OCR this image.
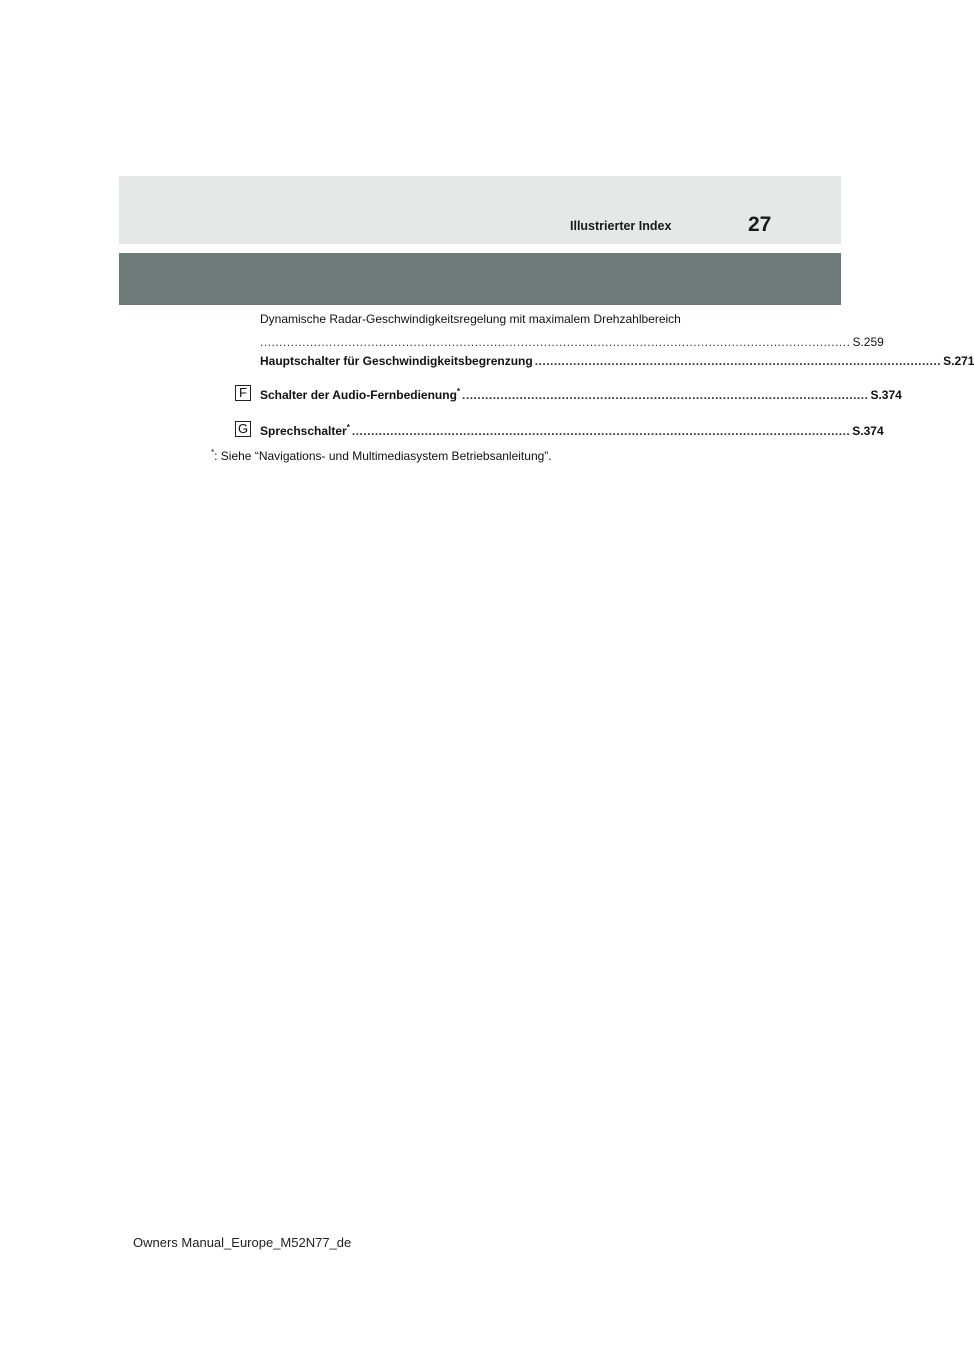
Illustrierter Index	27
Dynamische Radar-Geschwindigkeitsregelung mit maximalem Drehzahlbereich
.......................................................................................................................................................... S.259
Hauptschalter für Geschwindigkeitsbegrenzung .......................................................................................................... S.271
F	Schalter der Audio-Fernbedienung* .......................................................................................................... S.374
G Sprechschalter* .................................................................................................................................. S.374
*: Siehe “Navigations- und Multimediasystem Betriebsanleitung”.
Owners Manual_Europe_M52N77_de
